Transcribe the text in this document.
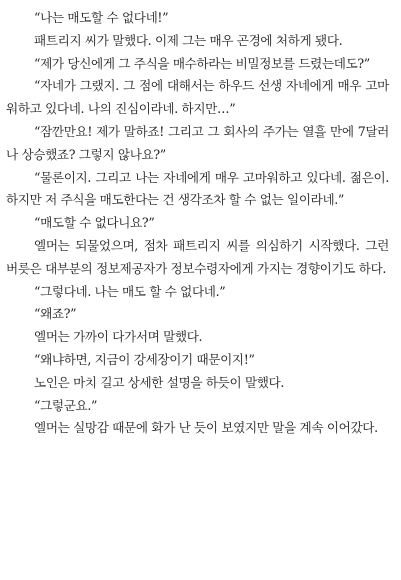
“나는 매도할 수 없다네!”

패트리지 씨가 말했다. 이제 그는 매우 곤경에 처하게 됐다.

“제가 당신에게 그 주식을 매수하라는 비밀정보를 드렸는데도?”

“자네가 그랬지. 그 점에 대해서는 하우드 선생 자네에게 매우 고마워하고 있다네. 나의 진심이라네. 하지만…”

“잠깐만요! 제가 말하죠! 그리고 그 회사의 주가는 열흘 만에 7달러나 상승했죠? 그렇지 않나요?”

“물론이지. 그리고 나는 자네에게 매우 고마워하고 있다네. 젊은이. 하지만 저 주식을 매도한다는 건 생각조차 할 수 없는 일이라네.”

“매도할 수 없다니요?”

엘머는 되물었으며, 점차 패트리지 씨를 의심하기 시작했다. 그런 버릇은 대부분의 정보제공자가 정보수령자에게 가지는 경향이기도 하다.

“그렇다네. 나는 매도 할 수 없다네.”

“왜죠?”

엘머는 가까이 다가서며 말했다.

“왜냐하면, 지금이 강세장이기 때문이지!”

노인은 마치 길고 상세한 설명을 하듯이 말했다.

“그렇군요.”

엘머는 실망감 때문에 화가 난 듯이 보였지만 말을 계속 이어갔다.
